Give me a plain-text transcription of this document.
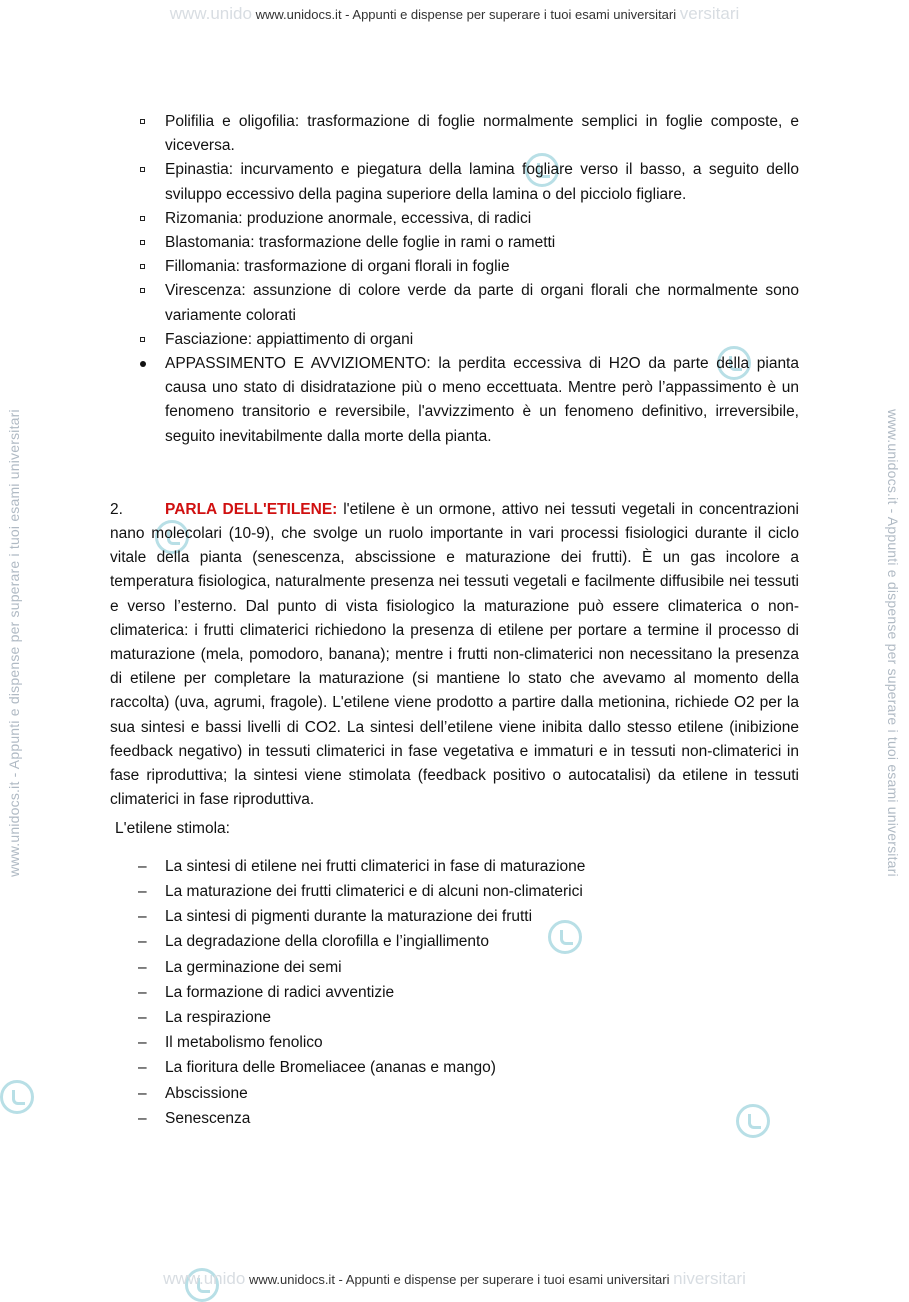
www.unido www.unidocs.it - Appunti e dispense per superare i tuoi esami universitari versitari
www.unidocs.it - Appunti e dispense per superare i tuoi esami universitari	www.unidocs.it - Appunti e dispense per superare i tuoi esami universitari
Polifilia e oligofilia: trasformazione di foglie normalmente semplici in foglie composte, e viceversa.
Epinastia: incurvamento e piegatura della lamina fogliare verso il basso, a seguito dello sviluppo eccessivo della pagina superiore della lamina o del picciolo figliare.
Rizomania: produzione anormale, eccessiva, di radici
Blastomania: trasformazione delle foglie in rami o rametti
Fillomania: trasformazione di organi florali in foglie
Virescenza: assunzione di colore verde da parte di organi florali che normalmente sono variamente colorati
Fasciazione: appiattimento di organi
APPASSIMENTO E AVVIZIOMENTO: la perdita eccessiva di H2O da parte della pianta causa uno stato di disidratazione più o meno eccettuata. Mentre però l’appassimento è un fenomeno transitorio e reversibile, l'avvizzimento è un fenomeno definitivo, irreversibile, seguito inevitabilmente dalla morte della pianta.
2.	PARLA DELL'ETILENE: l'etilene è un ormone, attivo nei tessuti vegetali in concentrazioni nano molecolari (10-9), che svolge un ruolo importante in vari processi fisiologici durante il ciclo vitale della pianta (senescenza, abscissione e maturazione dei frutti). È un gas incolore a temperatura fisiologica, naturalmente presenza nei tessuti vegetali e facilmente diffusibile nei tessuti e verso l’esterno. Dal punto di vista fisiologico la maturazione può essere climaterica o non-climaterica: i frutti climaterici richiedono la presenza di etilene per portare a termine il processo di maturazione (mela, pomodoro, banana); mentre i frutti non-climaterici non necessitano la presenza di etilene per completare la maturazione (si mantiene lo stato che avevamo al momento della raccolta) (uva, agrumi, fragole). L'etilene viene prodotto a partire dalla metionina, richiede O2 per la sua sintesi e bassi livelli di CO2. La sintesi dell’etilene viene inibita dallo stesso etilene (inibizione feedback negativo) in tessuti climaterici in fase vegetativa e immaturi e in tessuti non-climaterici in fase riproduttiva; la sintesi viene stimolata (feedback positivo o autocatalisi) da etilene in tessuti climaterici in fase riproduttiva.
L'etilene stimola:
– La sintesi di etilene nei frutti climaterici in fase di maturazione
– La maturazione dei frutti climaterici e di alcuni non-climaterici
– La sintesi di pigmenti durante la maturazione dei frutti
– La degradazione della clorofilla e l’ingiallimento
– La germinazione dei semi
– La formazione di radici avventizie
– La respirazione
– Il metabolismo fenolico
– La fioritura delle Bromeliacee (ananas e mango)
– Abscissione
– Senescenza
www.unido www.unidocs.it - Appunti e dispense per superare i tuoi esami universitari niversitari
